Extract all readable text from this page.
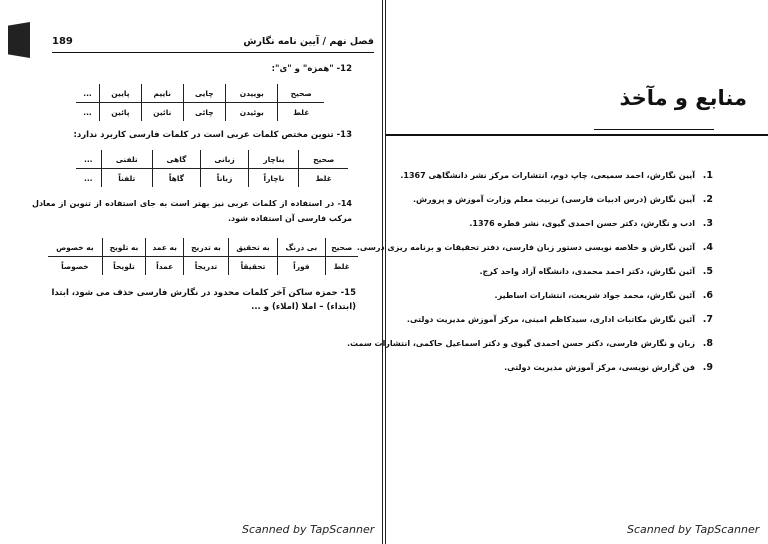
189	فصل نهم / آیین نامه نگارش
12- "همزه" و "ی":
صحیح	بوییدن	چایی	ناییم	پایین	...
غلط	بوئیدن	چائی	نائین	پائین	...
13- تنوین مختص کلمات عربی است در کلمات فارسی کاربرد ندارد:
صحیح	بناچار	زبانی	گاهی	تلفنی	...
غلط	ناچاراً	زباناً	گاهاً	تلفناً	...
14- در استفاده از کلمات عربی نیز بهتر است به جای استفاده از تنوین از معادل مرکب فارسی آن استفاده شود.
صحیح	بی درنگ	به تحقیق	به تدریج	به عمد	به تلویح	به خصوص
غلط	فوراً	تحقیقاً	تدریجاً	عمداً	تلویحاً	خصوصاً
15- حمزه ساکن آخر کلمات محدود در نگارش فارسی حذف می شود، ابتدا (ابتداء) – املا (املاء) و ...
Scanned by TapScanner
منابع و مآخذ
1.آیین نگارش، احمد سمیعی، چاپ دوم، انتشارات مرکز نشر دانشگاهی 1367.
2.آیین نگارش (درس ادبیات فارسی) تربیت معلم وزارت آموزش و پرورش.
3.ادب و نگارش، دکتر حسن احمدی گیوی، نشر قطره 1376.
4.آئین نگارش و خلاصه نویسی دستور زبان فارسی، دفتر تحقیقات و برنامه ریزی درسی.
5.آئین نگارش، دکتر احمد محمدی، دانشگاه آزاد واحد کرج.
6.آئین نگارش، محمد جواد شریعت، انتشارات اساطیر.
7.آئین نگارش مکاتبات اداری، سیدکاظم امینی، مرکز آموزش مدیریت دولتی.
8.زبان و نگارش فارسی، دکتر حسن احمدی گیوی و دکتر اسماعیل حاکمی، انتشارات سمت.
9.فن گزارش نویسی، مرکز آموزش مدیریت دولتی.
Scanned by TapScanner
